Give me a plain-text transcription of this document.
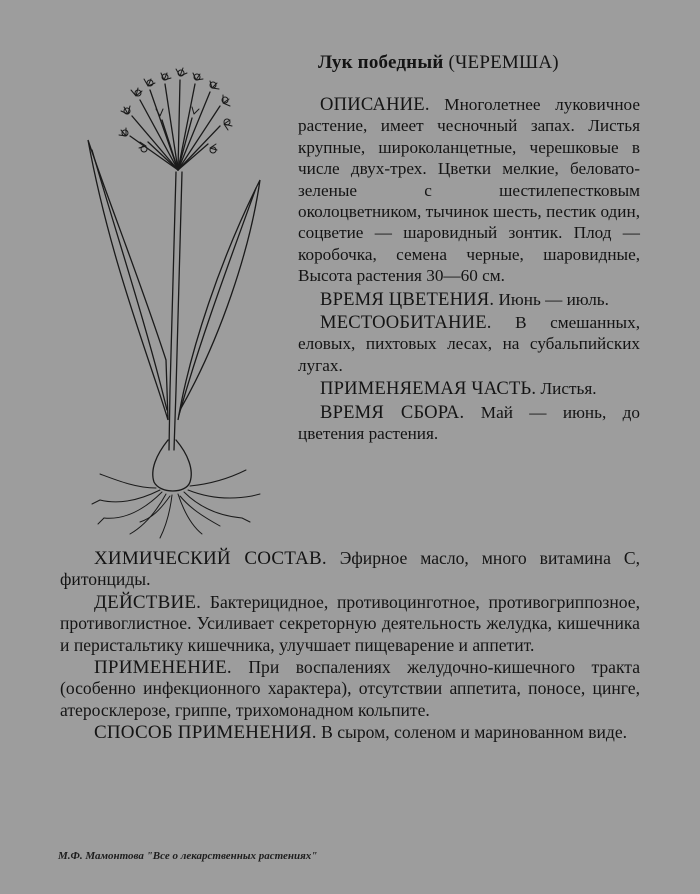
Лук победный (ЧЕРЕМША)

ОПИСАНИЕ. Многолетнее луковичное растение, имеет чесночный запах. Листья крупные, широколанцетные, черешковые в числе двух-трех. Цветки мелкие, беловато-зеленые с шестилепестковым околоцветником, тычинок шесть, пестик один, соцветие — шаровидный зонтик. Плод — коробочка, семена черные, шаровидные, Высота растения 30—60 см.

ВРЕМЯ ЦВЕТЕНИЯ. Июнь — июль.

МЕСТООБИТАНИЕ. В смешанных, еловых, пихтовых лесах, на субальпийских лугах.

ПРИМЕНЯЕМАЯ ЧАСТЬ. Листья.

ВРЕМЯ СБОРА. Май — июнь, до цветения растения.

ХИМИЧЕСКИЙ СОСТАВ. Эфирное масло, много витамина С, фитонциды.

ДЕЙСТВИЕ. Бактерицидное, противоцинготное, противогриппозное, противоглистное. Усиливает секреторную деятельность желудка, кишечника и перистальтику кишечника, улучшает пищеварение и аппетит.

ПРИМЕНЕНИЕ. При воспалениях желудочно-кишечного тракта (особенно инфекционного характера), отсутствии аппетита, поносе, цинге, атеросклерозе, гриппе, трихомонадном кольпите.

СПОСОБ ПРИМЕНЕНИЯ. В сыром, соленом и маринованном виде.

М.Ф. Мамонтова "Все о лекарственных растениях"
